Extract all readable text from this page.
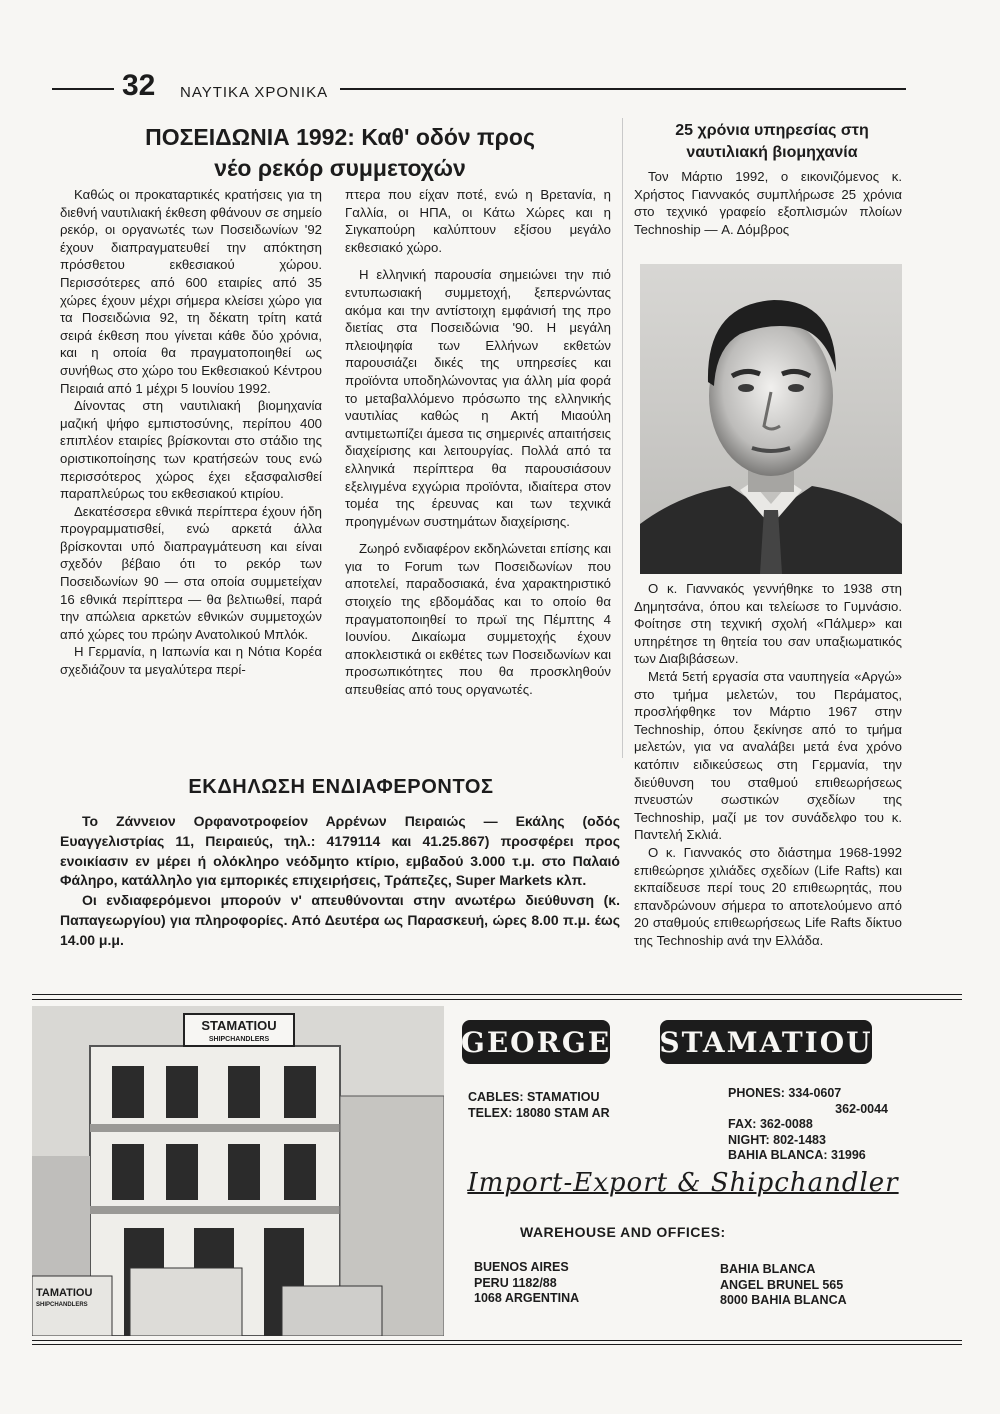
32 ΝΑΥΤΙΚΑ ΧΡΟΝΙΚΑ
ΠΟΣΕΙΔΩΝΙΑ 1992: Καθ' οδόν προς
νέο ρεκόρ συμμετοχών

Καθώς οι προκαταρτικές κρατήσεις για τη διεθνή ναυτιλιακή έκθεση φθάνουν σε σημείο ρεκόρ, οι οργανωτές των Ποσειδωνίων '92 έχουν διαπραγματευθεί την απόκτηση πρόσθετου εκθεσιακού χώρου. Περισσότερες από 600 εταιρίες από 35 χώρες έχουν μέχρι σήμερα κλείσει χώρο για τα Ποσειδώνια 92, τη δέκατη τρίτη κατά σειρά έκθεση που γίνεται κάθε δύο χρόνια, και η οποία θα πραγματοποιηθεί ως συνήθως στο χώρο του Εκθεσιακού Κέντρου Πειραιά από 1 μέχρι 5 Ιουνίου 1992.

Δίνοντας στη ναυτιλιακή βιομηχανία μαζική ψήφο εμπιστοσύνης, περίπου 400 επιπλέον εταιρίες βρίσκονται στο στάδιο της οριστικοποίησης των κρατήσεών τους ενώ περισσότερος χώρος έχει εξασφαλισθεί παραπλεύρως του εκθεσιακού κτιρίου.

Δεκατέσσερα εθνικά περίπτερα έχουν ήδη προγραμματισθεί, ενώ αρκετά άλλα βρίσκονται υπό διαπραγμάτευση και είναι σχεδόν βέβαιο ότι το ρεκόρ των Ποσειδωνίων 90 — στα οποία συμμετείχαν 16 εθνικά περίπτερα — θα βελτιωθεί, παρά την απώλεια αρκετών εθνικών συμμετοχών από χώρες του πρώην Ανατολικού Μπλόκ.

Η Γερμανία, η Ιαπωνία και η Νότια Κορέα σχεδιάζουν τα μεγαλύτερα περί-

πτερα που είχαν ποτέ, ενώ η Βρετανία, η Γαλλία, οι ΗΠΑ, οι Κάτω Χώρες και η Σιγκαπούρη καλύπτουν εξίσου μεγάλο εκθεσιακό χώρο.

Η ελληνική παρουσία σημειώνει την πιό εντυπωσιακή συμμετοχή, ξεπερνώντας ακόμα και την αντίστοιχη εμφάνισή της προ διετίας στα Ποσειδώνια '90. Η μεγάλη πλειοψηφία των Ελλήνων εκθετών παρουσιάζει δικές της υπηρεσίες και προϊόντα υποδηλώνοντας για άλλη μία φορά το μεταβαλλόμενο πρόσωπο της ελληνικής ναυτιλίας καθώς η Ακτή Μιαούλη αντιμετωπίζει άμεσα τις σημερινές απαιτήσεις διαχείρισης και λειτουργίας. Πολλά από τα ελληνικά περίπτερα θα παρουσιάσουν εξελιγμένα εχγώρια προϊόντα, ιδιαίτερα στον τομέα της έρευνας και των τεχνικά προηγμένων συστημάτων διαχείρισης.

Ζωηρό ενδιαφέρον εκδηλώνεται επίσης και για το Forum των Ποσειδωνίων που αποτελεί, παραδοσιακά, ένα χαρακτηριστικό στοιχείο της εβδομάδας και το οποίο θα πραγματοποιηθεί το πρωϊ της Πέμπτης 4 Ιουνίου. Δικαίωμα συμμετοχής έχουν αποκλειστικά οι εκθέτες των Ποσειδωνίων και προσωπικότητες που θα προσκληθούν απευθείας από τους οργανωτές.

ΕΚΔΗΛΩΣΗ ΕΝΔΙΑΦΕΡΟΝΤΟΣ

Το Ζάννειον Ορφανοτροφείον Αρρένων Πειραιώς — Εκάλης (οδός Ευαγγελιστρίας 11, Πειραιεύς, τηλ.: 4179114 και 41.25.867) προσφέρει προς ενοικίασιν εν μέρει ή ολόκληρο νεόδμητο κτίριο, εμβαδού 3.000 τ.μ. στο Παλαιό Φάληρο, κατάλληλο για εμπορικές επιχειρήσεις, Τράπεζες, Super Markets κλπ.

Οι ενδιαφερόμενοι μπορούν ν' απευθύνονται στην ανωτέρω διεύθυνση (κ. Παπαγεωργίου) για πληροφορίες. Από Δευτέρα ως Παρασκευή, ώρες 8.00 π.μ. έως 14.00 μ.μ.

25 χρόνια υπηρεσίας στη
ναυτιλιακή βιομηχανία

Τον Μάρτιο 1992, ο εικονιζόμενος κ. Χρήστος Γιαννακός συμπλήρωσε 25 χρόνια στο τεχνικό γραφείο εξοπλισμών πλοίων Technoship — Α. Δόμβρος

Ο κ. Γιαννακός γεννήθηκε το 1938 στη Δημητσάνα, όπου και τελείωσε το Γυμνάσιο. Φοίτησε στη τεχνική σχολή «Πάλμερ» και υπηρέτησε τη θητεία του σαν υπαξιωματικός των Διαβιβάσεων.

Μετά 5ετή εργασία στα ναυπηγεία «Αργώ» στο τμήμα μελετών, του Περάματος, προσλήφθηκε τον Μάρτιο 1967 στην Technoship, όπου ξεκίνησε από το τμήμα μελετών, για να αναλάβει μετά ένα χρόνο κατόπιν ειδικεύσεως στη Γερμανία, την διεύθυνση του σταθμού επιθεωρήσεως πνευστών σωστικών σχεδίων της Technoship, μαζί με τον συνάδελφο του κ. Παντελή Σκλιά.

Ο κ. Γιαννακός στο διάστημα 1968-1992 επιθεώρησε χιλιάδες σχεδίων (Life Rafts) και εκπαίδευσε περί τους 20 επιθεωρητάς, που επανδρώνουν σήμερα το αποτελούμενο από 20 σταθμούς επιθεωρήσεως Life Rafts δίκτυο της Technoship ανά την Ελλάδα.

STAMATIOU
SHIPCHANDLERS
TAMATIOU
SHIPCHANDLERS
GEORGE STAMATIOU
CABLES: STAMATIOU
TELEX: 18080 STAM AR
PHONES: 334-0607
362-0044
FAX: 362-0088
NIGHT: 802-1483
BAHIA BLANCA: 31996
Import-Export & Shipchandler
WAREHOUSE AND OFFICES:
BUENOS AIRES
PERU 1182/88
1068 ARGENTINA
BAHIA BLANCA
ANGEL BRUNEL 565
8000 BAHIA BLANCA
